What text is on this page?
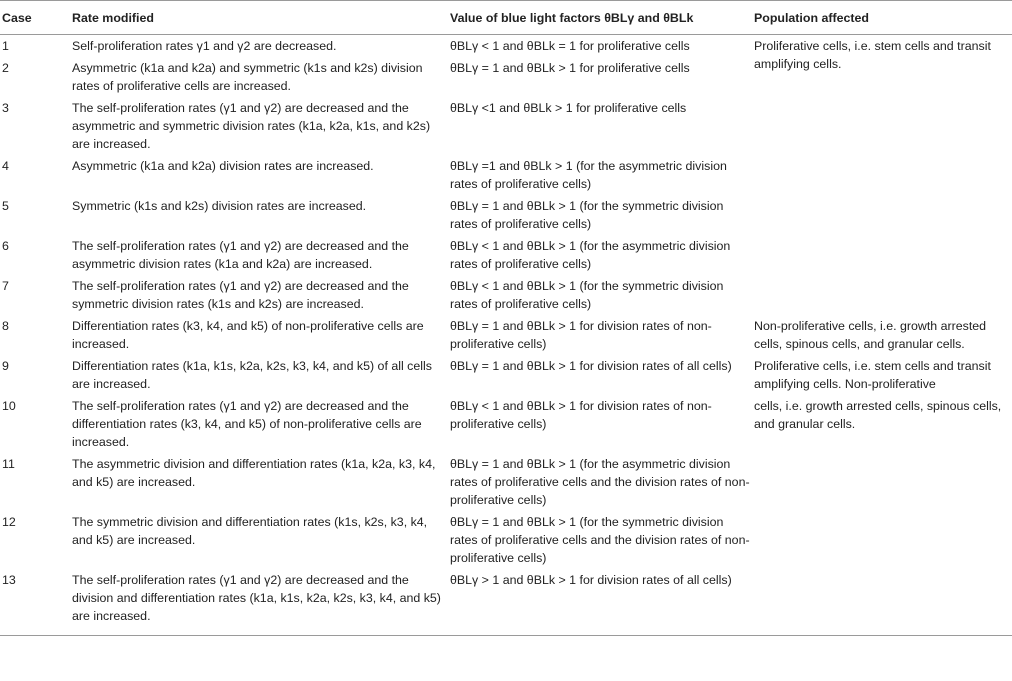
Case	Rate modified	Value of blue light factors θBLγ and θBLk	Population affected
1	Self-proliferation rates γ1 and γ2 are decreased.	θBLγ < 1 and θBLk = 1 for proliferative cells	Proliferative cells, i.e. stem cells and transit amplifying cells.
2	Asymmetric (k1a and k2a) and symmetric (k1s and k2s) division rates of proliferative cells are increased.	θBLγ = 1 and θBLk > 1 for proliferative cells	
3	The self-proliferation rates (γ1 and γ2) are decreased and the asymmetric and symmetric division rates (k1a, k2a, k1s, and k2s) are increased.	θBLγ <1 and θBLk > 1 for proliferative cells	
4	Asymmetric (k1a and k2a) division rates are increased.	θBLγ =1 and θBLk > 1 (for the asymmetric division rates of proliferative cells)	
5	Symmetric (k1s and k2s) division rates are increased.	θBLγ = 1 and θBLk > 1 (for the symmetric division rates of proliferative cells)	
6	The self-proliferation rates (γ1 and γ2) are decreased and the asymmetric division rates (k1a and k2a) are increased.	θBLγ < 1 and θBLk > 1 (for the asymmetric division rates of proliferative cells)	
7	The self-proliferation rates (γ1 and γ2) are decreased and the symmetric division rates (k1s and k2s) are increased.	θBLγ < 1 and θBLk > 1 (for the symmetric division rates of proliferative cells)	
8	Differentiation rates (k3, k4, and k5) of non-proliferative cells are increased.	θBLγ = 1 and θBLk > 1 for division rates of non-proliferative cells)	Non-proliferative cells, i.e. growth arrested cells, spinous cells, and granular cells.
9	Differentiation rates (k1a, k1s, k2a, k2s, k3, k4, and k5) of all cells are increased.	θBLγ = 1 and θBLk > 1 for division rates of all cells)	Proliferative cells, i.e. stem cells and transit amplifying cells. Non-proliferative
10	The self-proliferation rates (γ1 and γ2) are decreased and the differentiation rates (k3, k4, and k5) of non-proliferative cells are increased.	θBLγ < 1 and θBLk > 1 for division rates of non-proliferative cells)	cells, i.e. growth arrested cells, spinous cells, and granular cells.
11	The asymmetric division and differentiation rates (k1a, k2a, k3, k4, and k5) are increased.	θBLγ = 1 and θBLk > 1 (for the asymmetric division rates of proliferative cells and the division rates of non-proliferative cells)	
12	The symmetric division and differentiation rates (k1s, k2s, k3, k4, and k5) are increased.	θBLγ = 1 and θBLk > 1 (for the symmetric division rates of proliferative cells and the division rates of non-proliferative cells)	
13	The self-proliferation rates (γ1 and γ2) are decreased and the division and differentiation rates (k1a, k1s, k2a, k2s, k3, k4, and k5) are increased.	θBLγ > 1 and θBLk > 1 for division rates of all cells)	
